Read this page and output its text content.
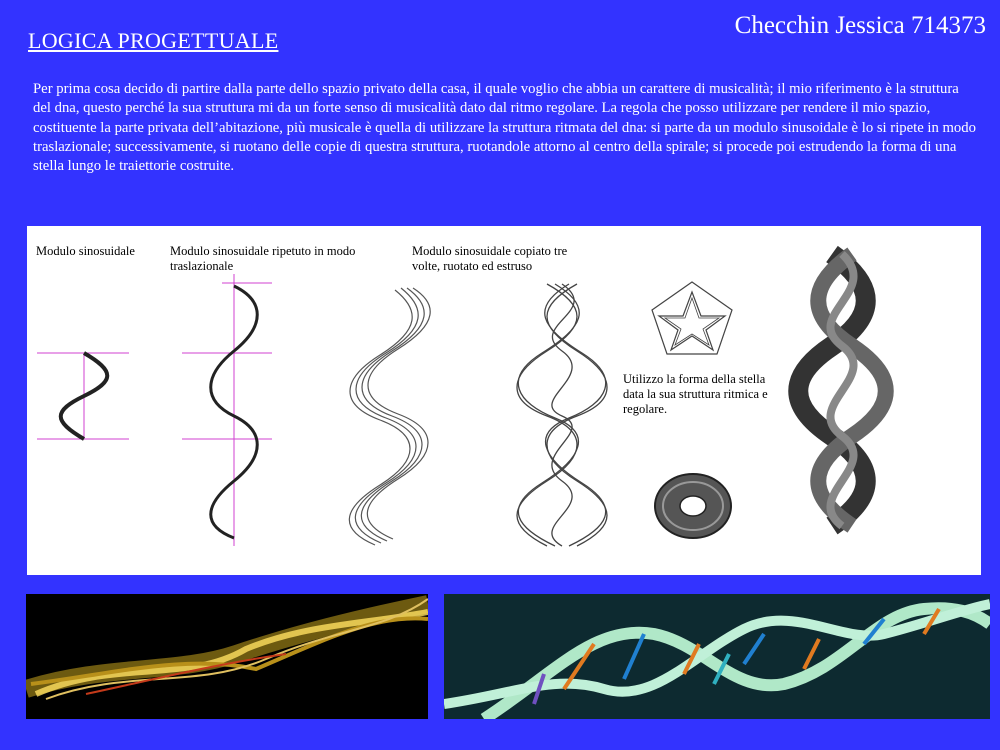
LOGICA PROGETTUALE
Checchin Jessica 714373
Per prima cosa decido di partire dalla parte dello spazio privato della casa, il quale voglio che abbia un carattere di musicalità; il mio riferimento è la struttura del dna, questo perché la sua struttura mi da un forte senso di musicalità dato dal ritmo regolare. La regola che posso utilizzare per rendere il mio spazio, costituente la parte privata dell’abitazione, più musicale è quella di utilizzare la struttura ritmata del dna: si parte da un modulo sinusoidale è lo si ripete in modo traslazionale; successivamente, si ruotano delle copie di questra struttura, ruotandole attorno al centro della spirale; si procede poi estrudendo la forma di una stella lungo le traiettorie costruite.
Modulo sinosuidale	Modulo sinosuidale ripetuto in modo traslazionale
Modulo sinosuidale copiato tre volte, ruotato ed estruso
Utilizzo la forma della stella data la sua struttura ritmica e regolare.
